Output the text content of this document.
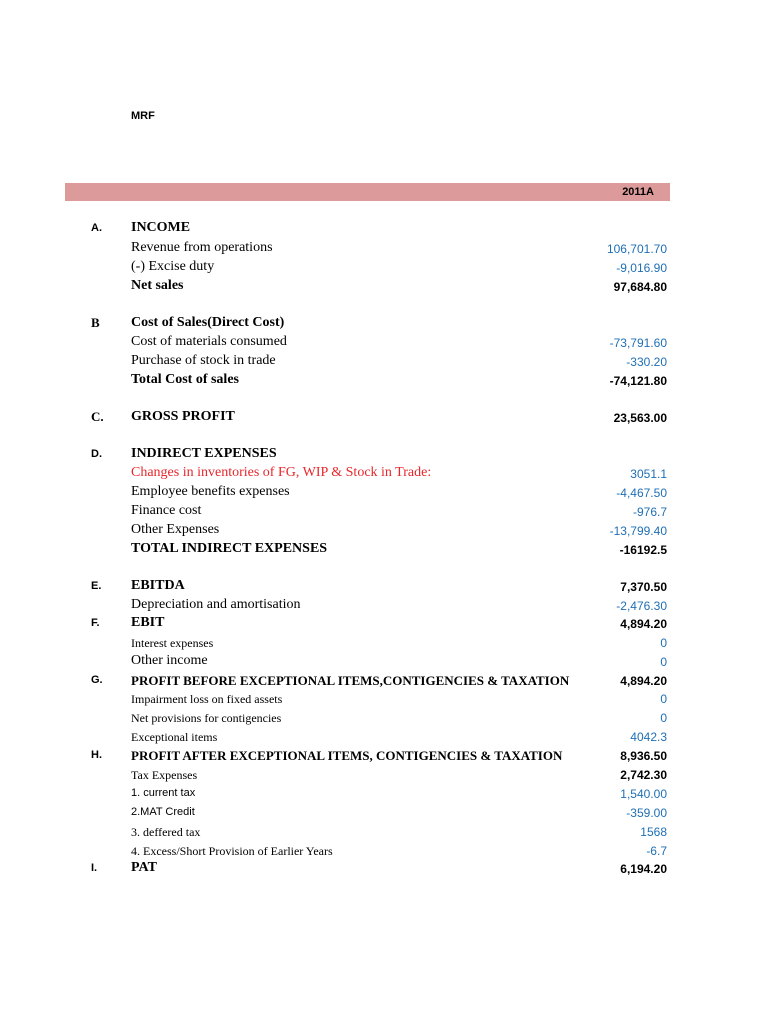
MRF
2011A
A. INCOME
Revenue from operations	106,701.70
(-) Excise duty	-9,016.90
Net sales	97,684.80
B Cost of Sales(Direct Cost)
Cost of materials consumed	-73,791.60
Purchase of stock in trade	-330.20
Total Cost of sales	-74,121.80
C. GROSS PROFIT	23,563.00
D. INDIRECT EXPENSES
Changes in inventories of FG, WIP & Stock in Trade:	3051.1
Employee benefits expenses	-4,467.50
Finance cost	-976.7
Other Expenses	-13,799.40
TOTAL INDIRECT EXPENSES	-16192.5
E. EBITDA	7,370.50
Depreciation and amortisation	-2,476.30
F. EBIT	4,894.20
Interest expenses	0
Other income	0
G. PROFIT BEFORE EXCEPTIONAL ITEMS,CONTIGENCIES & TAXATION	4,894.20
Impairment loss on fixed assets	0
Net provisions for contigencies	0
Exceptional items	4042.3
H. PROFIT AFTER EXCEPTIONAL ITEMS, CONTIGENCIES & TAXATION	8,936.50
Tax Expenses	2,742.30
1. current tax	1,540.00
2.MAT Credit	-359.00
3. deffered tax	1568
4. Excess/Short Provision of Earlier Years	-6.7
I. PAT	6,194.20
